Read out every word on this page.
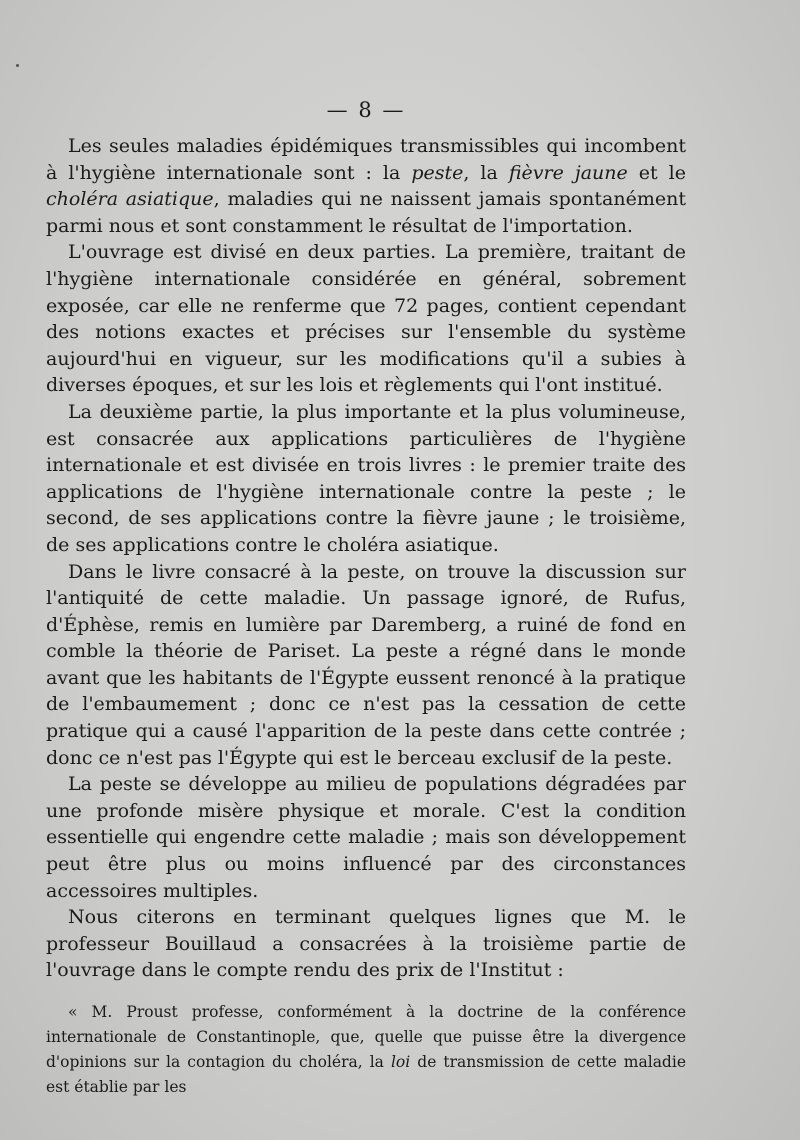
— 8 —

Les seules maladies épidémiques transmissibles qui incombent à l'hygiène internationale sont : la peste, la fièvre jaune et le choléra asiatique, maladies qui ne naissent jamais spontanément parmi nous et sont constamment le résultat de l'importation.

L'ouvrage est divisé en deux parties. La première, traitant de l'hygiène internationale considérée en général, sobrement exposée, car elle ne renferme que 72 pages, contient cependant des notions exactes et précises sur l'ensemble du système aujourd'hui en vigueur, sur les modifications qu'il a subies à diverses époques, et sur les lois et règlements qui l'ont institué.

La deuxième partie, la plus importante et la plus volumineuse, est consacrée aux applications particulières de l'hygiène internationale et est divisée en trois livres : le premier traite des applications de l'hygiène internationale contre la peste ; le second, de ses applications contre la fièvre jaune ; le troisième, de ses applications contre le choléra asiatique.

Dans le livre consacré à la peste, on trouve la discussion sur l'antiquité de cette maladie. Un passage ignoré, de Rufus, d'Éphèse, remis en lumière par Daremberg, a ruiné de fond en comble la théorie de Pariset. La peste a régné dans le monde avant que les habitants de l'Égypte eussent renoncé à la pratique de l'embaumement ; donc ce n'est pas la cessation de cette pratique qui a causé l'apparition de la peste dans cette contrée ; donc ce n'est pas l'Égypte qui est le berceau exclusif de la peste.

La peste se développe au milieu de populations dégradées par une profonde misère physique et morale. C'est la condition essentielle qui engendre cette maladie ; mais son développement peut être plus ou moins influencé par des circonstances accessoires multiples.

Nous citerons en terminant quelques lignes que M. le professeur Bouillaud a consacrées à la troisième partie de l'ouvrage dans le compte rendu des prix de l'Institut :

« M. Proust professe, conformément à la doctrine de la conférence internationale de Constantinople, que, quelle que puisse être la divergence d'opinions sur la contagion du choléra, la loi de transmission de cette maladie est établie par les
